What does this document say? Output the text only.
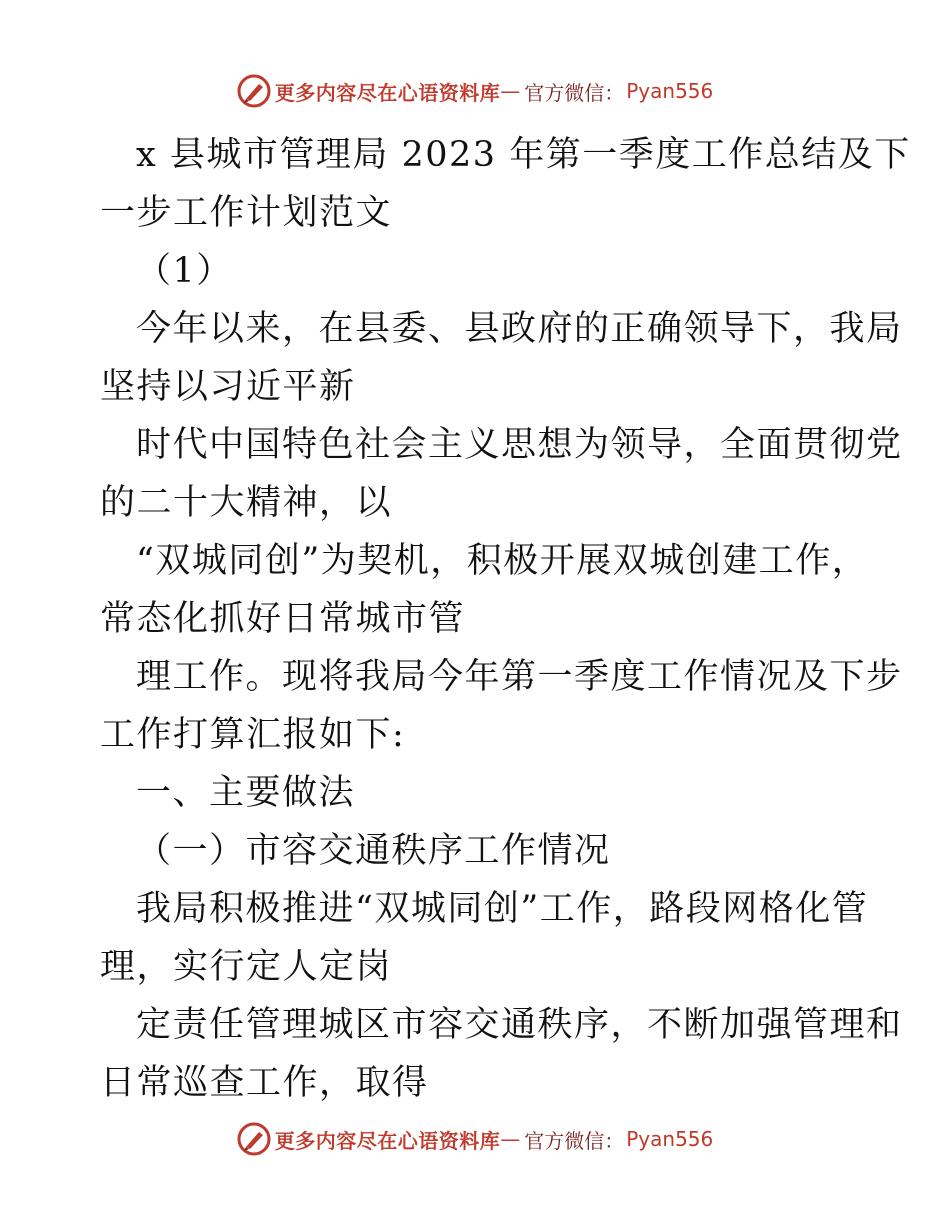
更多内容尽在心语资料库 — 官方微信： Pyan556
x 县城市管理局 2023 年第一季度工作总结及下
一步工作计划范文
（1）
今年以来，在县委、县政府的正确领导下，我局
坚持以习近平新
时代中国特色社会主义思想为领导，全面贯彻党
的二十大精神，以
“双城同创”为契机，积极开展双城创建工作，
常态化抓好日常城市管
理工作。现将我局今年第一季度工作情况及下步
工作打算汇报如下:
一、主要做法
（一）市容交通秩序工作情况
我局积极推进“双城同创”工作，路段网格化管
理，实行定人定岗
定责任管理城区市容交通秩序，不断加强管理和
日常巡查工作，取得
更多内容尽在心语资料库 — 官方微信： Pyan556
